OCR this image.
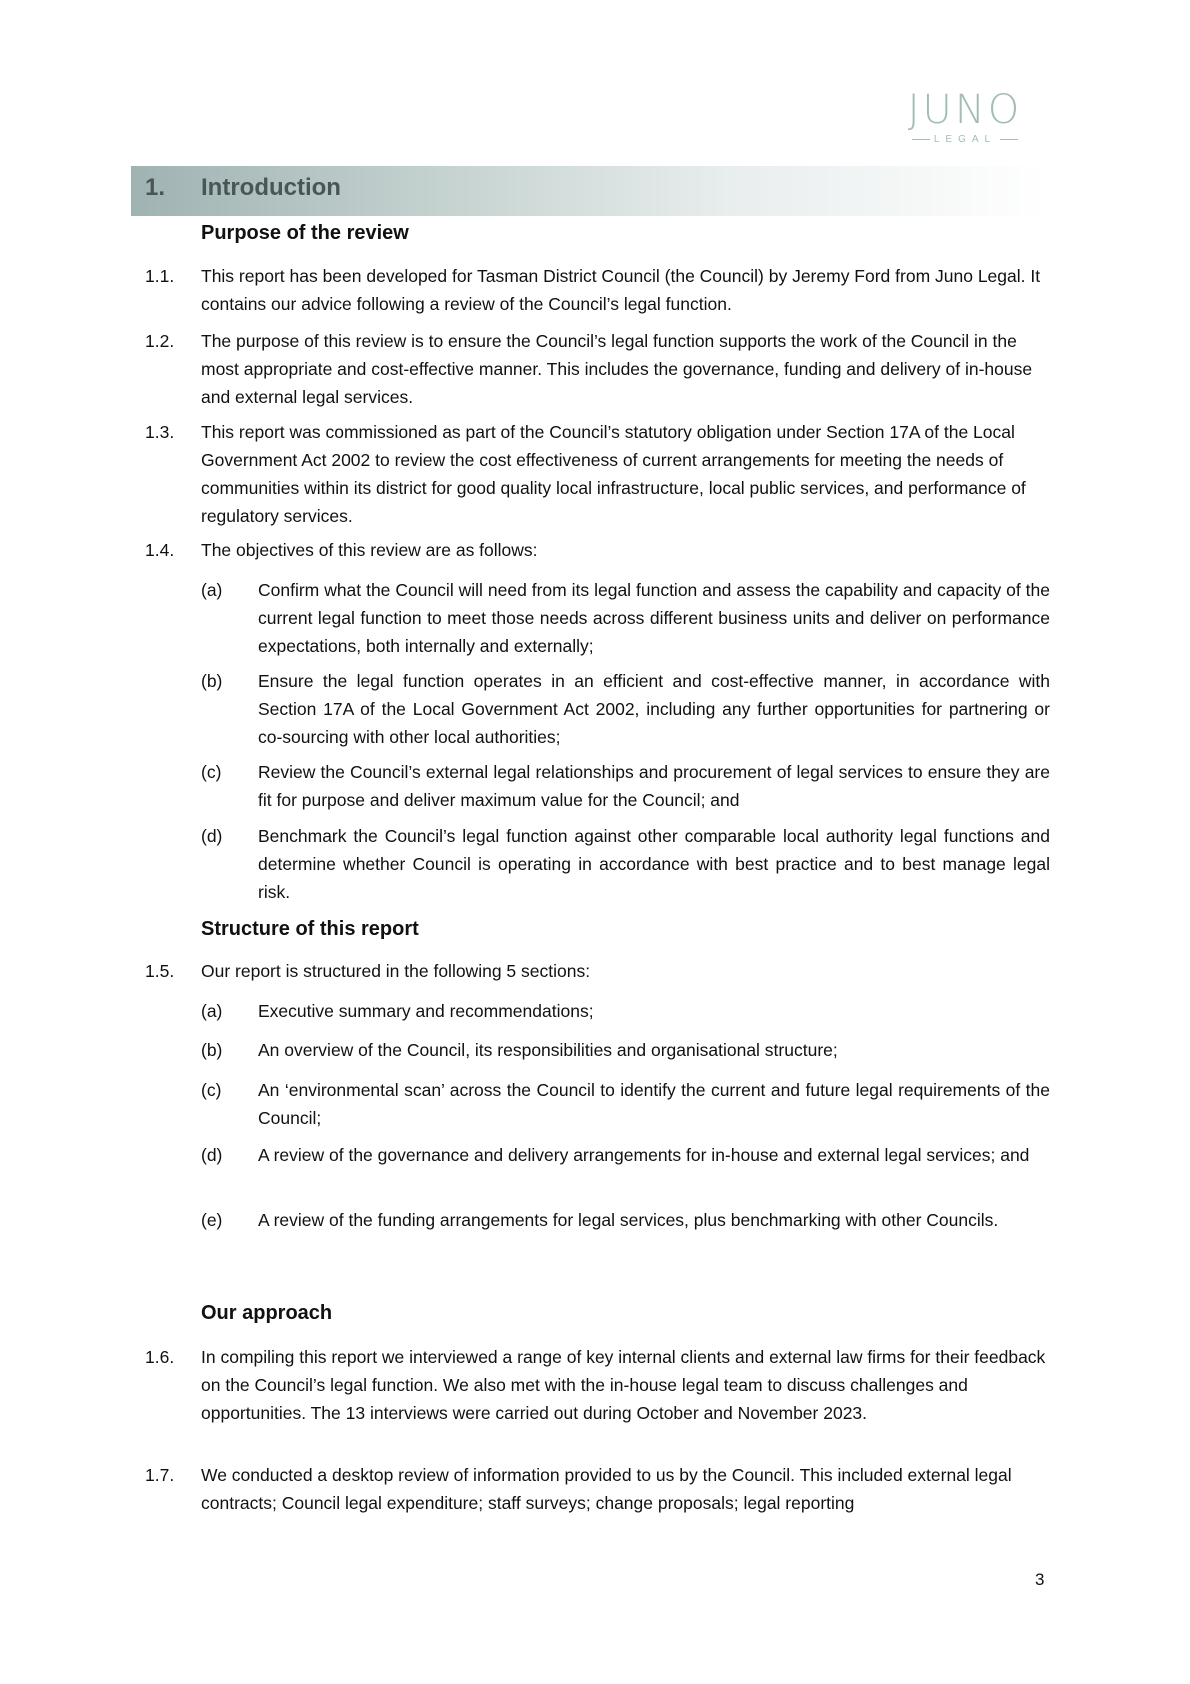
JUNO
LEGAL
1. Introduction
Purpose of the review
1.1.	This report has been developed for Tasman District Council (the Council) by Jeremy Ford from Juno Legal. It contains our advice following a review of the Council’s legal function.
1.2.	The purpose of this review is to ensure the Council’s legal function supports the work of the Council in the most appropriate and cost-effective manner. This includes the governance, funding and delivery of in-house and external legal services.
1.3.	This report was commissioned as part of the Council’s statutory obligation under Section 17A of the Local Government Act 2002 to review the cost effectiveness of current arrangements for meeting the needs of communities within its district for good quality local infrastructure, local public services, and performance of regulatory services.
1.4.	The objectives of this review are as follows:
(a)	Confirm what the Council will need from its legal function and assess the capability and capacity of the current legal function to meet those needs across different business units and deliver on performance expectations, both internally and externally;
(b)	Ensure the legal function operates in an efficient and cost-effective manner, in accordance with Section 17A of the Local Government Act 2002, including any further opportunities for partnering or co-sourcing with other local authorities;
(c)	Review the Council’s external legal relationships and procurement of legal services to ensure they are fit for purpose and deliver maximum value for the Council; and
(d)	Benchmark the Council’s legal function against other comparable local authority legal functions and determine whether Council is operating in accordance with best practice and to best manage legal risk.
Structure of this report
1.5.	Our report is structured in the following 5 sections:
(a)	Executive summary and recommendations;
(b)	An overview of the Council, its responsibilities and organisational structure;
(c)	An ‘environmental scan’ across the Council to identify the current and future legal requirements of the Council;
(d)	A review of the governance and delivery arrangements for in-house and external legal services; and
(e)	A review of the funding arrangements for legal services, plus benchmarking with other Councils.
Our approach
1.6.	In compiling this report we interviewed a range of key internal clients and external law firms for their feedback on the Council’s legal function. We also met with the in-house legal team to discuss challenges and opportunities. The 13 interviews were carried out during October and November 2023.
1.7.	We conducted a desktop review of information provided to us by the Council. This included external legal contracts; Council legal expenditure; staff surveys; change proposals; legal reporting
3
